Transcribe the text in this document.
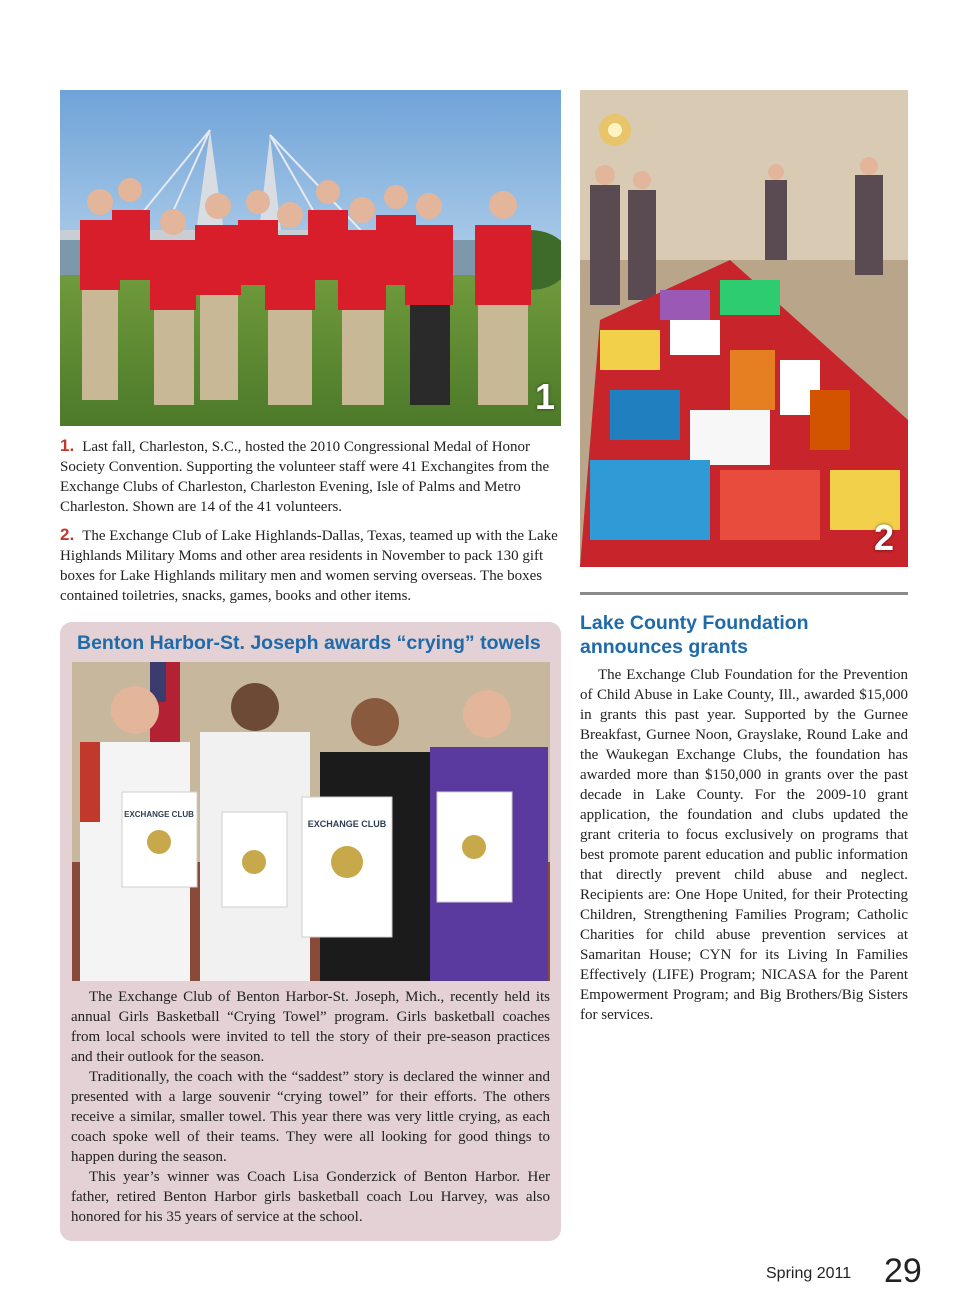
1
2

1. Last fall, Charleston, S.C., hosted the 2010 Congressional Medal of Honor Society Convention. Supporting the volunteer staff were 41 Exchangites from the Exchange Clubs of Charleston, Charleston Evening, Isle of Palms and Metro Charleston. Shown are 14 of the 41 volunteers.

2. The Exchange Club of Lake Highlands-Dallas, Texas, teamed up with the Lake Highlands Military Moms and other area residents in November to pack 130 gift boxes for Lake Highlands military men and women serving overseas. The boxes contained toiletries, snacks, games, books and other items.

Benton Harbor-St. Joseph awards “crying” towels
EXCHANGE CLUB
EXCHANGE CLUB

The Exchange Club of Benton Harbor-St. Joseph, Mich., recently held its annual Girls Basketball “Crying Towel” program. Girls basketball coaches from local schools were invited to tell the story of their pre-season practices and their outlook for the season.

Traditionally, the coach with the “saddest” story is declared the winner and presented with a large souvenir “crying towel” for their efforts. The others receive a similar, smaller towel. This year there was very little crying, as each coach spoke well of their teams. They were all looking for good things to happen during the season.

This year’s winner was Coach Lisa Gonderzick of Benton Harbor. Her father, retired Benton Harbor girls basketball coach Lou Harvey, was also honored for his 35 years of service at the school.

Lake County Foundation
announces grants

The Exchange Club Foundation for the Prevention of Child Abuse in Lake County, Ill., awarded $15,000 in grants this past year. Supported by the Gurnee Breakfast, Gurnee Noon, Grayslake, Round Lake and the Waukegan Exchange Clubs, the foundation has awarded more than $150,000 in grants over the past decade in Lake County. For the 2009-10 grant application, the foundation and clubs updated the grant criteria to focus exclusively on programs that best promote parent education and public information that directly prevent child abuse and neglect. Recipients are: One Hope United, for their Protecting Children, Strengthening Families Program; Catholic Charities for child abuse prevention services at Samaritan House; CYN for its Living In Families Effectively (LIFE) Program; NICASA for the Parent Empowerment Program; and Big Brothers/Big Sisters for services.

Spring 2011 29
